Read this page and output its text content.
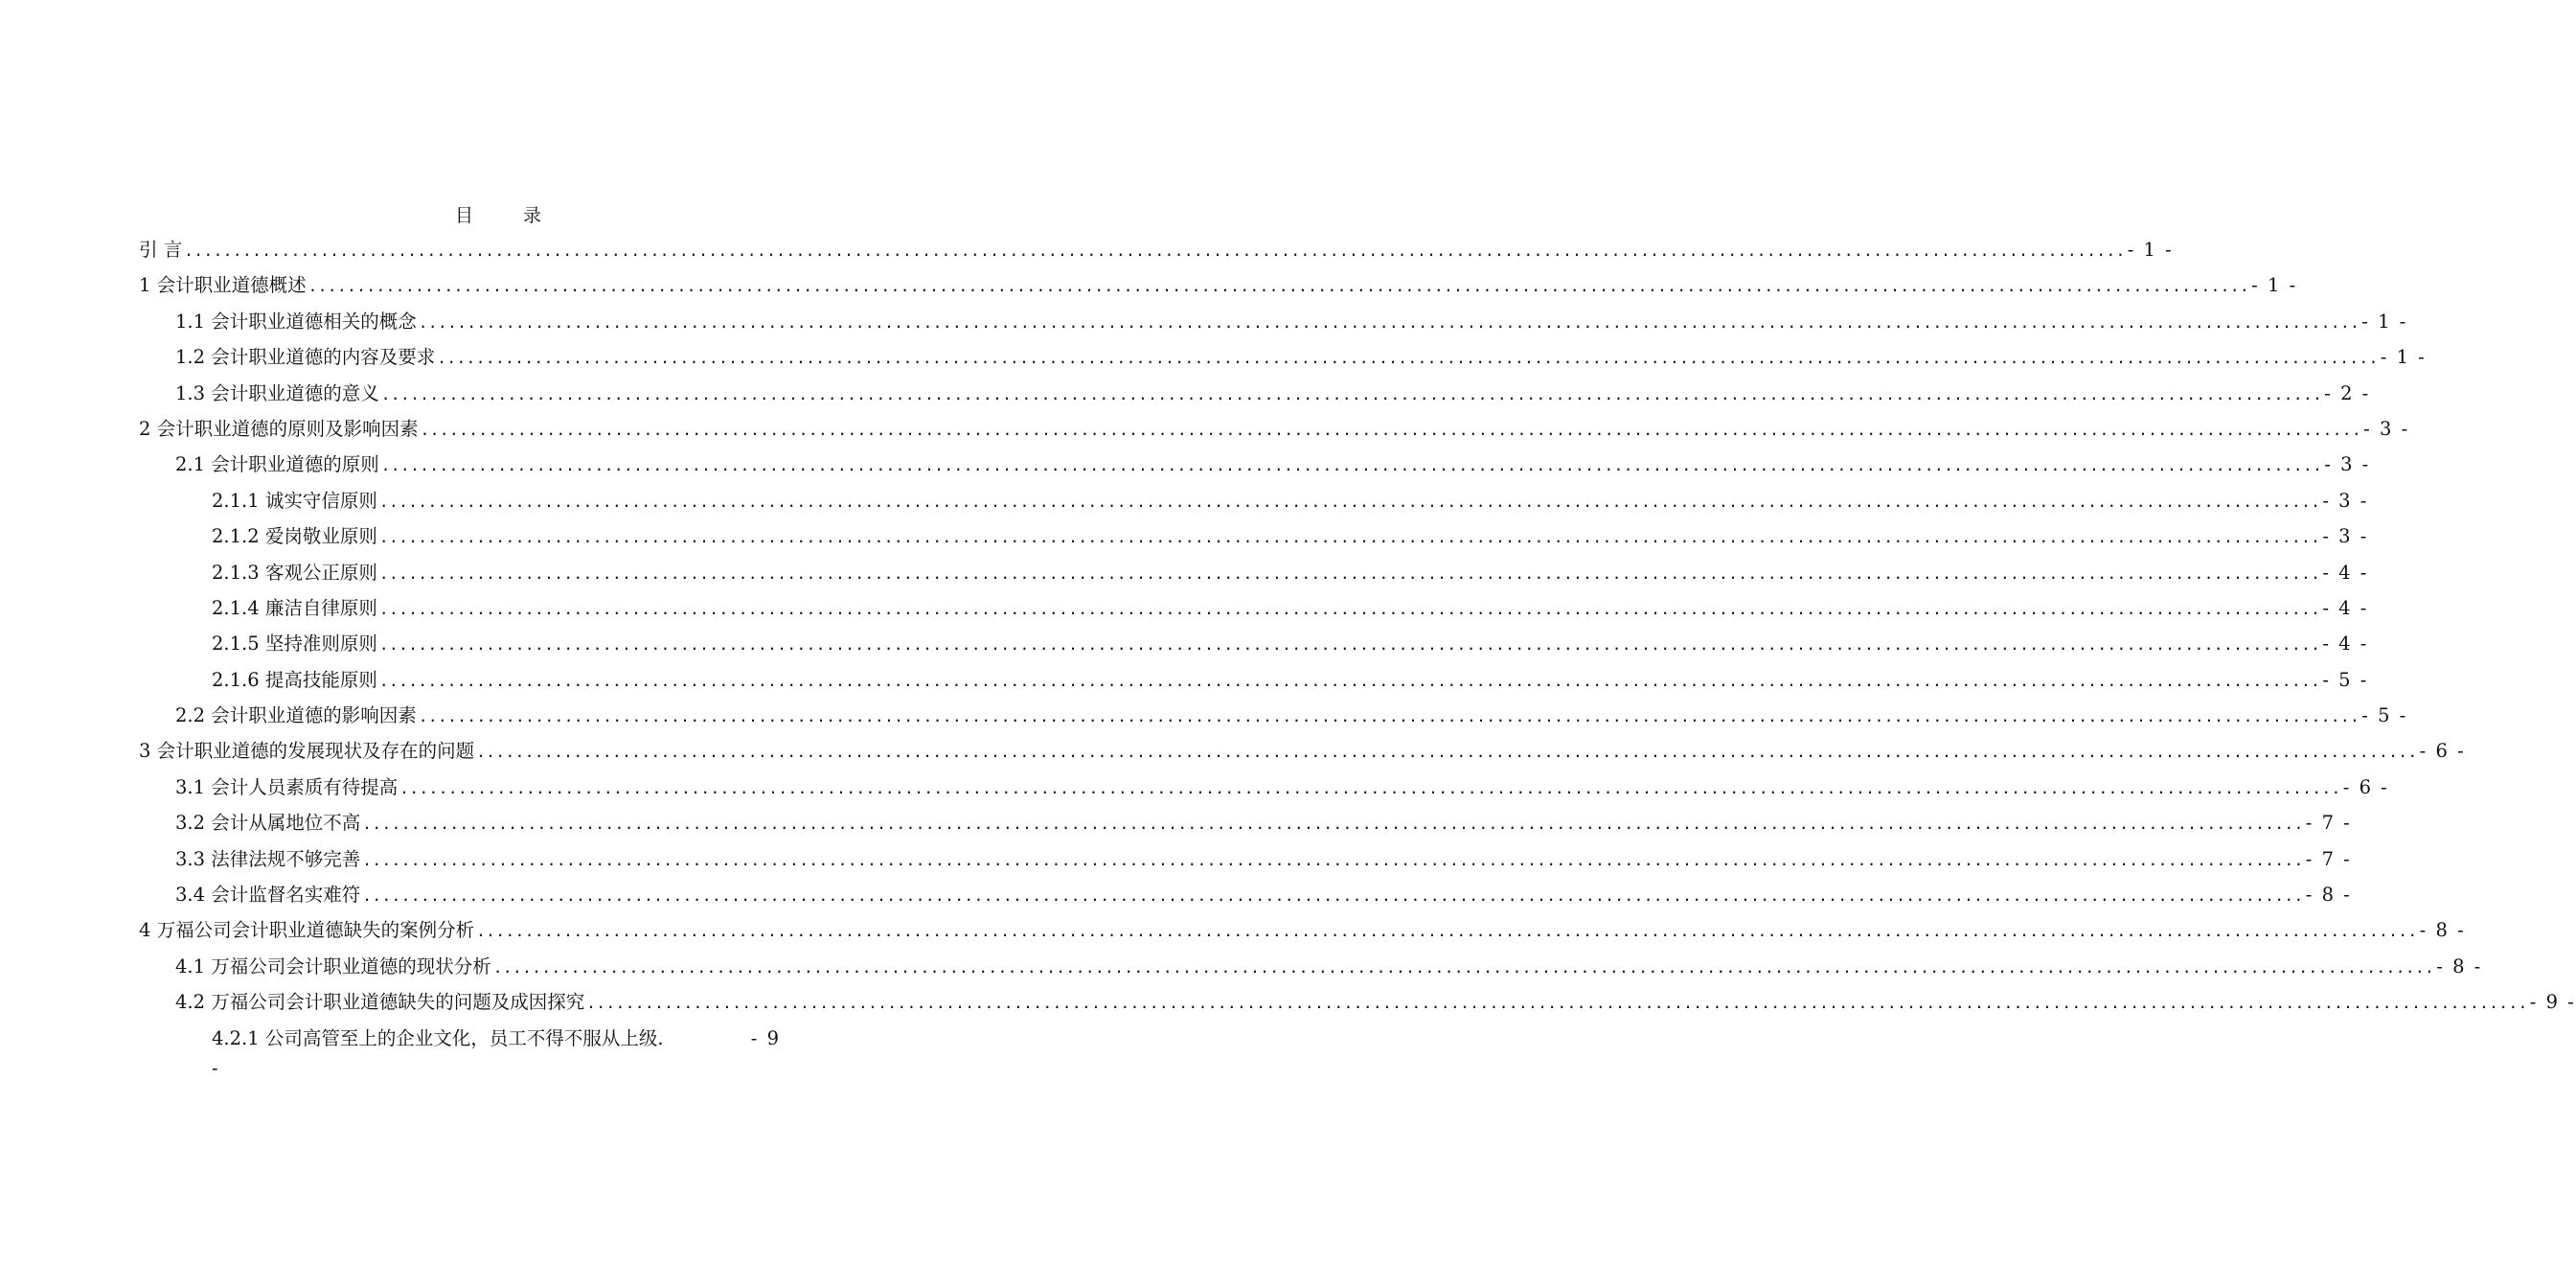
目	录
引 言 ........................................................................................................................................................................................................ - 1 -
1 会计职业道德概述 ........................................................................................................................................................................................................ - 1 -
1.1 会计职业道德相关的概念 ........................................................................................................................................................................................................ - 1 -
1.2 会计职业道德的内容及要求 ........................................................................................................................................................................................................ - 1 -
1.3 会计职业道德的意义 ........................................................................................................................................................................................................ - 2 -
2 会计职业道德的原则及影响因素 ........................................................................................................................................................................................................ - 3 -
2.1 会计职业道德的原则 ........................................................................................................................................................................................................ - 3 -
2.1.1 诚实守信原则 ........................................................................................................................................................................................................ - 3 -
2.1.2 爱岗敬业原则 ........................................................................................................................................................................................................ - 3 -
2.1.3 客观公正原则 ........................................................................................................................................................................................................ - 4 -
2.1.4 廉洁自律原则 ........................................................................................................................................................................................................ - 4 -
2.1.5 坚持准则原则 ........................................................................................................................................................................................................ - 4 -
2.1.6 提高技能原则 ........................................................................................................................................................................................................ - 5 -
2.2 会计职业道德的影响因素 ........................................................................................................................................................................................................ - 5 -
3 会计职业道德的发展现状及存在的问题 ........................................................................................................................................................................................................ - 6 -
3.1 会计人员素质有待提高 ........................................................................................................................................................................................................ - 6 -
3.2 会计从属地位不高 ........................................................................................................................................................................................................ - 7 -
3.3 法律法规不够完善 ........................................................................................................................................................................................................ - 7 -
3.4 会计监督名实难符 ........................................................................................................................................................................................................ - 8 -
4 万福公司会计职业道德缺失的案例分析 ........................................................................................................................................................................................................ - 8 -
4.1 万福公司会计职业道德的现状分析 ........................................................................................................................................................................................................ - 8 -
4.2 万福公司会计职业道德缺失的问题及成因探究 ........................................................................................................................................................................................................ - 9 -
4.2.1 公司高管至上的企业文化，员工不得不服从上级.	- 9
-
